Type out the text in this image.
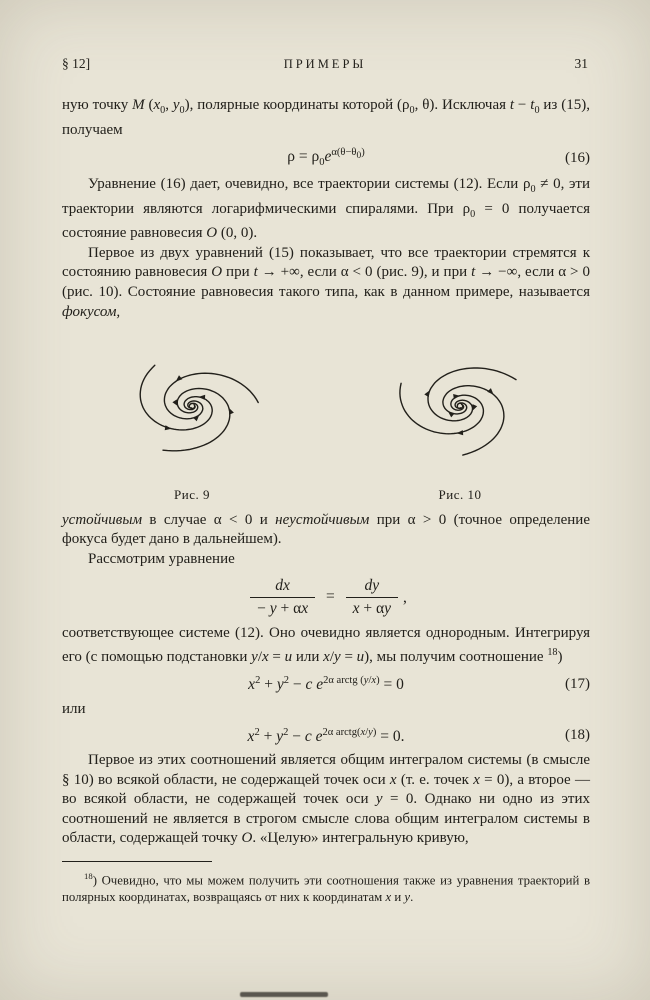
§ 12]	ПРИМЕРЫ	31

ную точку M ($x_0$, $y_0$), полярные координаты которой ($\rho_0$, θ). Исключая $t - t_0$ из (15), получаем

$\rho = \rho_0e^{\alpha(\theta-\theta_0)}$	(16)

Уравнение (16) дает, очевидно, все траектории системы (12). Если $\rho_0 \ne 0$, эти траектории являются логарифмическими спиралями. При $\rho_0 = 0$ получается состояние равновесия O (0, 0).

Первое из двух уравнений (15) показывает, что все траектории стремятся к состоянию равновесия O при t → +∞, если α < 0 (рис. 9), и при t → −∞, если α > 0 (рис. 10). Состояние равновесия такого типа, как в данном примере, называется фокусом,

Рис. 9	Рис. 10

устойчивым в случае α < 0 и неустойчивым при α > 0 (точное определение фокуса будет дано в дальнейшем).

Рассмотрим уравнение

$\frac{dx}{- y + \alpha x} = \frac{dy}{x + \alpha y}$ ,

соответствующее системе (12). Оно очевидно является однородным. Интегрируя его (с помощью подстановки y/x = u или x/y = u), мы получим соотношение $^{18}$)

$x^2 + y^2 - c$ $e^{2\alpha arctg (y/x)} = 0$	(17)

или

$x^2 + y^2 - c$ $e^{2\alpha arctg(x/y)} = 0$.	(18)

Первое из этих соотношений является общим интегралом системы (в смысле § 10) во всякой области, не содержащей точек оси x (т. е. точек x = 0), а второе — во всякой области, не содержащей точек оси y = 0. Однако ни одно из этих соотношений не является в строгом смысле слова общим интегралом системы в области, содержащей точку O. «Целую» интегральную кривую,

$^{18}$) Очевидно, что мы можем получить эти соотношения также из уравнения траекторий в полярных координатах, возвращаясь от них к координатам x и y.
